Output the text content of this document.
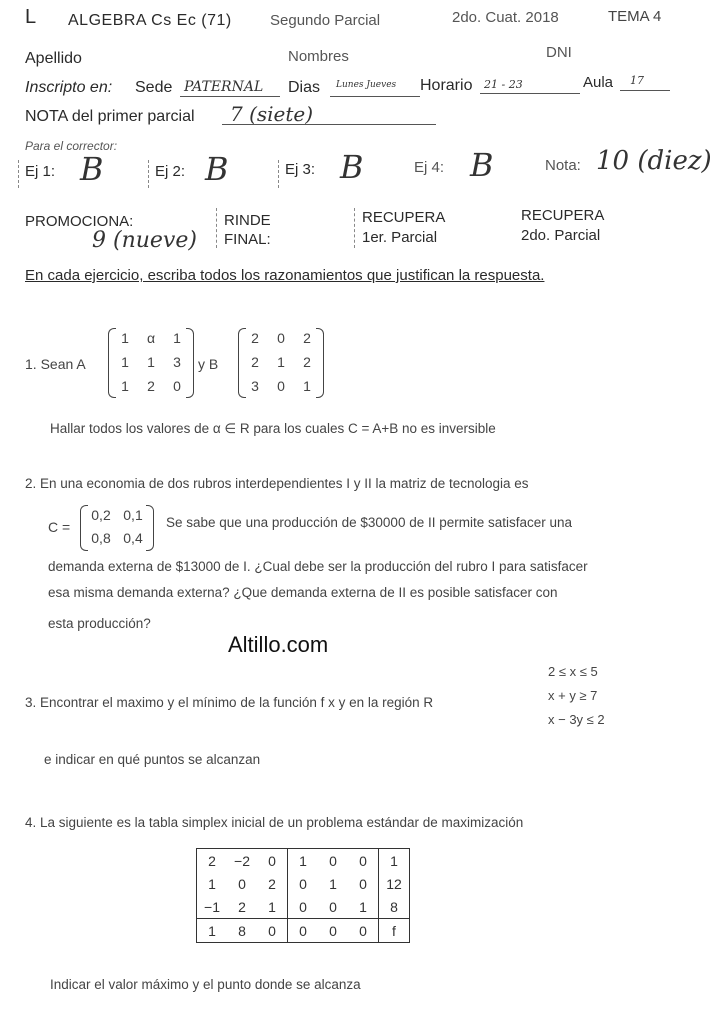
L ALGEBRA Cs Ec (71)	Segundo Parcial	2do. Cuat. 2018	TEMA 4
Apellido	Nombres	DNI
Inscripto en: Sede PATERNAL Dias Lunes Jueves Horario 21 - 23	Aula 17
NOTA del primer parcial 7 (siete)
Para el corrector:
Ej 1: B	Ej 2: B	Ej 3: B	Ej 4: B	Nota: 10 (diez)
PROMOCIONA:
9 (nueve)
RINDE
FINAL:
RECUPERA
1er. Parcial
RECUPERA
2do. Parcial
En cada ejercicio, escriba todos los razonamientos que justifican la respuesta.
1. Sean A
1	α	1
1	1	3
1	2	0
y B
2	0	2
2	1	2
3	0	1
Hallar todos los valores de α ∈ R para los cuales C = A+B no es inversible
2. En una economia de dos rubros interdependientes I y II la matriz de tecnologia es
C =
0,2 0,1
0,8 0,4
Se sabe que una producción de $30000 de II permite satisfacer una
demanda externa de $13000 de I. ¿Cual debe ser la producción del rubro I para satisfacer
esa misma demanda externa? ¿Que demanda externa de II es posible satisfacer con
esta producción?
Altillo.com
2 ≤ x ≤ 5
3. Encontrar el maximo y el mínimo de la función f x y en la región R	x + y ≥ 7
x − 3y ≤ 2
e indicar en qué puntos se alcanzan
4. La siguiente es la tabla simplex inicial de un problema estándar de maximización
2	−2	0	1	0	0	1
1	0	2	0	1	0	12
−1	2	1	0	0	1	8
1	8	0	0	0	0	f
Indicar el valor máximo y el punto donde se alcanza
